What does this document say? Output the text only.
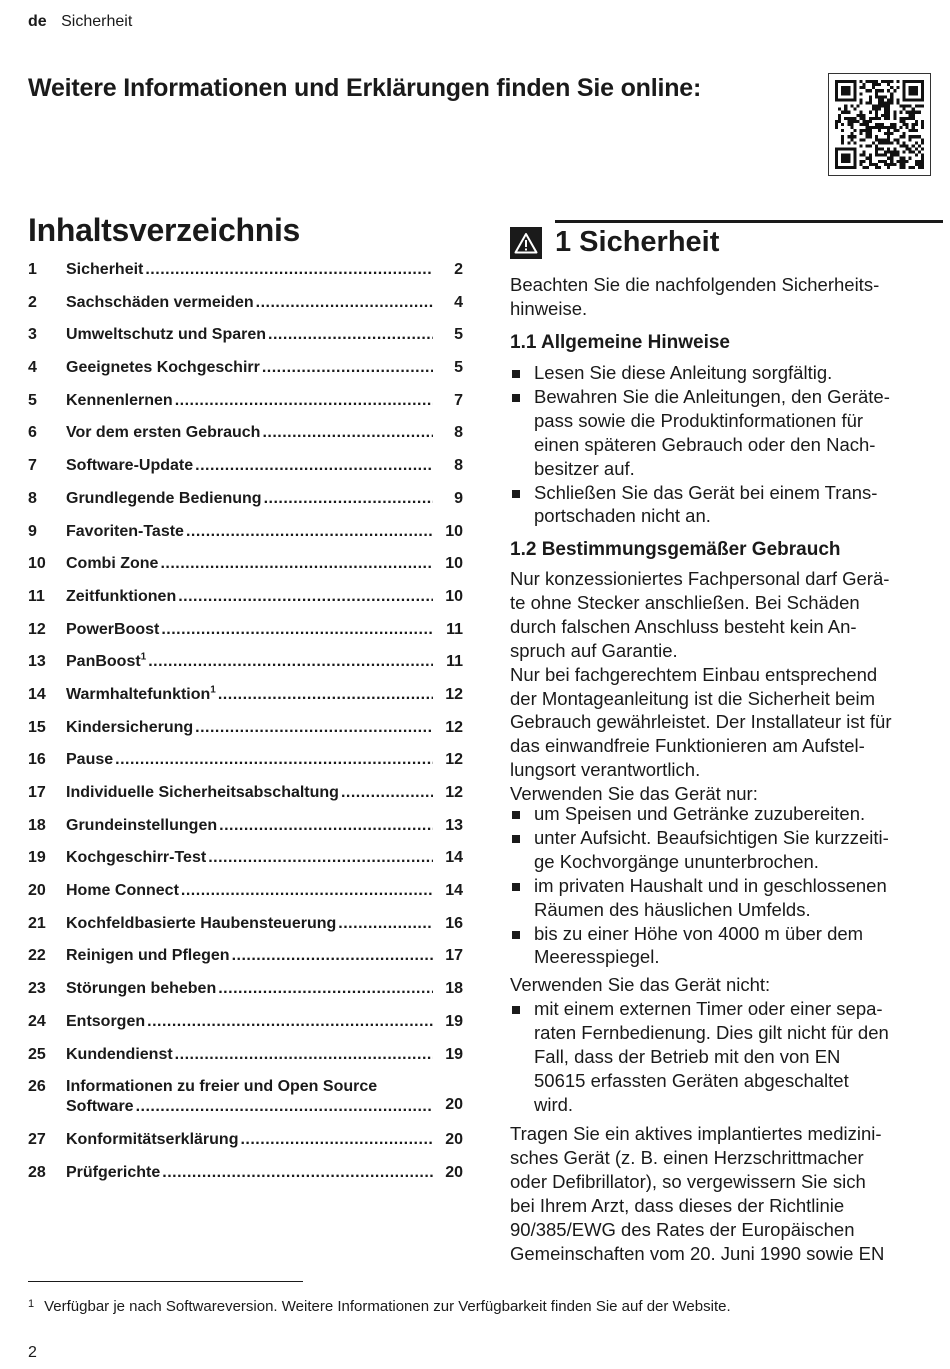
de Sicherheit
Weitere Informationen und Erklärungen finden Sie online:
Inhaltsverzeichnis
1	Sicherheit .....	2
2	Sachschäden vermeiden .....	4
3	Umweltschutz und Sparen .....	5
4	Geeignetes Kochgeschirr .....	5
5	Kennenlernen .....	7
6	Vor dem ersten Gebrauch .....	8
7	Software-Update .....	8
8	Grundlegende Bedienung .....	9
9	Favoriten-Taste .....	10
10	Combi Zone .....	10
11	Zeitfunktionen .....	10
12	PowerBoost .....	11
13	PanBoost$^1$ .....	11
14	Warmhaltefunktion$^1$ .....	12
15	Kindersicherung .....	12
16	Pause .....	12
17	Individuelle Sicherheitsabschaltung .....	12
18	Grundeinstellungen .....	13
19	Kochgeschirr-Test .....	14
20	Home Connect .....	14
21	Kochfeldbasierte Haubensteuerung .....	16
22	Reinigen und Pflegen .....	17
23	Störungen beheben .....	18
24	Entsorgen .....	19
25	Kundendienst .....	19
26	Informationen zu freier und Open Source
Software .....	20
27	Konformitätserklärung .....	20
28	Prüfgerichte .....	20
1 Sicherheit
Beachten Sie die nachfolgenden Sicherheits-
hinweise.
1.1 Allgemeine Hinweise
Lesen Sie diese Anleitung sorgfältig.
Bewahren Sie die Anleitungen, den Geräte-
pass sowie die Produktinformationen für
einen späteren Gebrauch oder den Nach-
besitzer auf.
Schließen Sie das Gerät bei einem Trans-
portschaden nicht an.
1.2 Bestimmungsgemäßer Gebrauch
Nur konzessioniertes Fachpersonal darf Gerä-
te ohne Stecker anschließen. Bei Schäden
durch falschen Anschluss besteht kein An-
spruch auf Garantie.
Nur bei fachgerechtem Einbau entsprechend
der Montageanleitung ist die Sicherheit beim
Gebrauch gewährleistet. Der Installateur ist für
das einwandfreie Funktionieren am Aufstel-
lungsort verantwortlich.
Verwenden Sie das Gerät nur:
um Speisen und Getränke zuzubereiten.
unter Aufsicht. Beaufsichtigen Sie kurzzeiti-
ge Kochvorgänge ununterbrochen.
im privaten Haushalt und in geschlossenen
Räumen des häuslichen Umfelds.
bis zu einer Höhe von 4000 m über dem
Meeresspiegel.
Verwenden Sie das Gerät nicht:
mit einem externen Timer oder einer sepa-
raten Fernbedienung. Dies gilt nicht für den
Fall, dass der Betrieb mit den von EN
50615 erfassten Geräten abgeschaltet
wird.
Tragen Sie ein aktives implantiertes medizini-
sches Gerät (z. B. einen Herzschrittmacher
oder Defibrillator), so vergewissern Sie sich
bei Ihrem Arzt, dass dieses der Richtlinie
90/385/EWG des Rates der Europäischen
Gemeinschaften vom 20. Juni 1990 sowie EN
$^1$ Verfügbar je nach Softwareversion. Weitere Informationen zur Verfügbarkeit finden Sie auf der Website.
2
